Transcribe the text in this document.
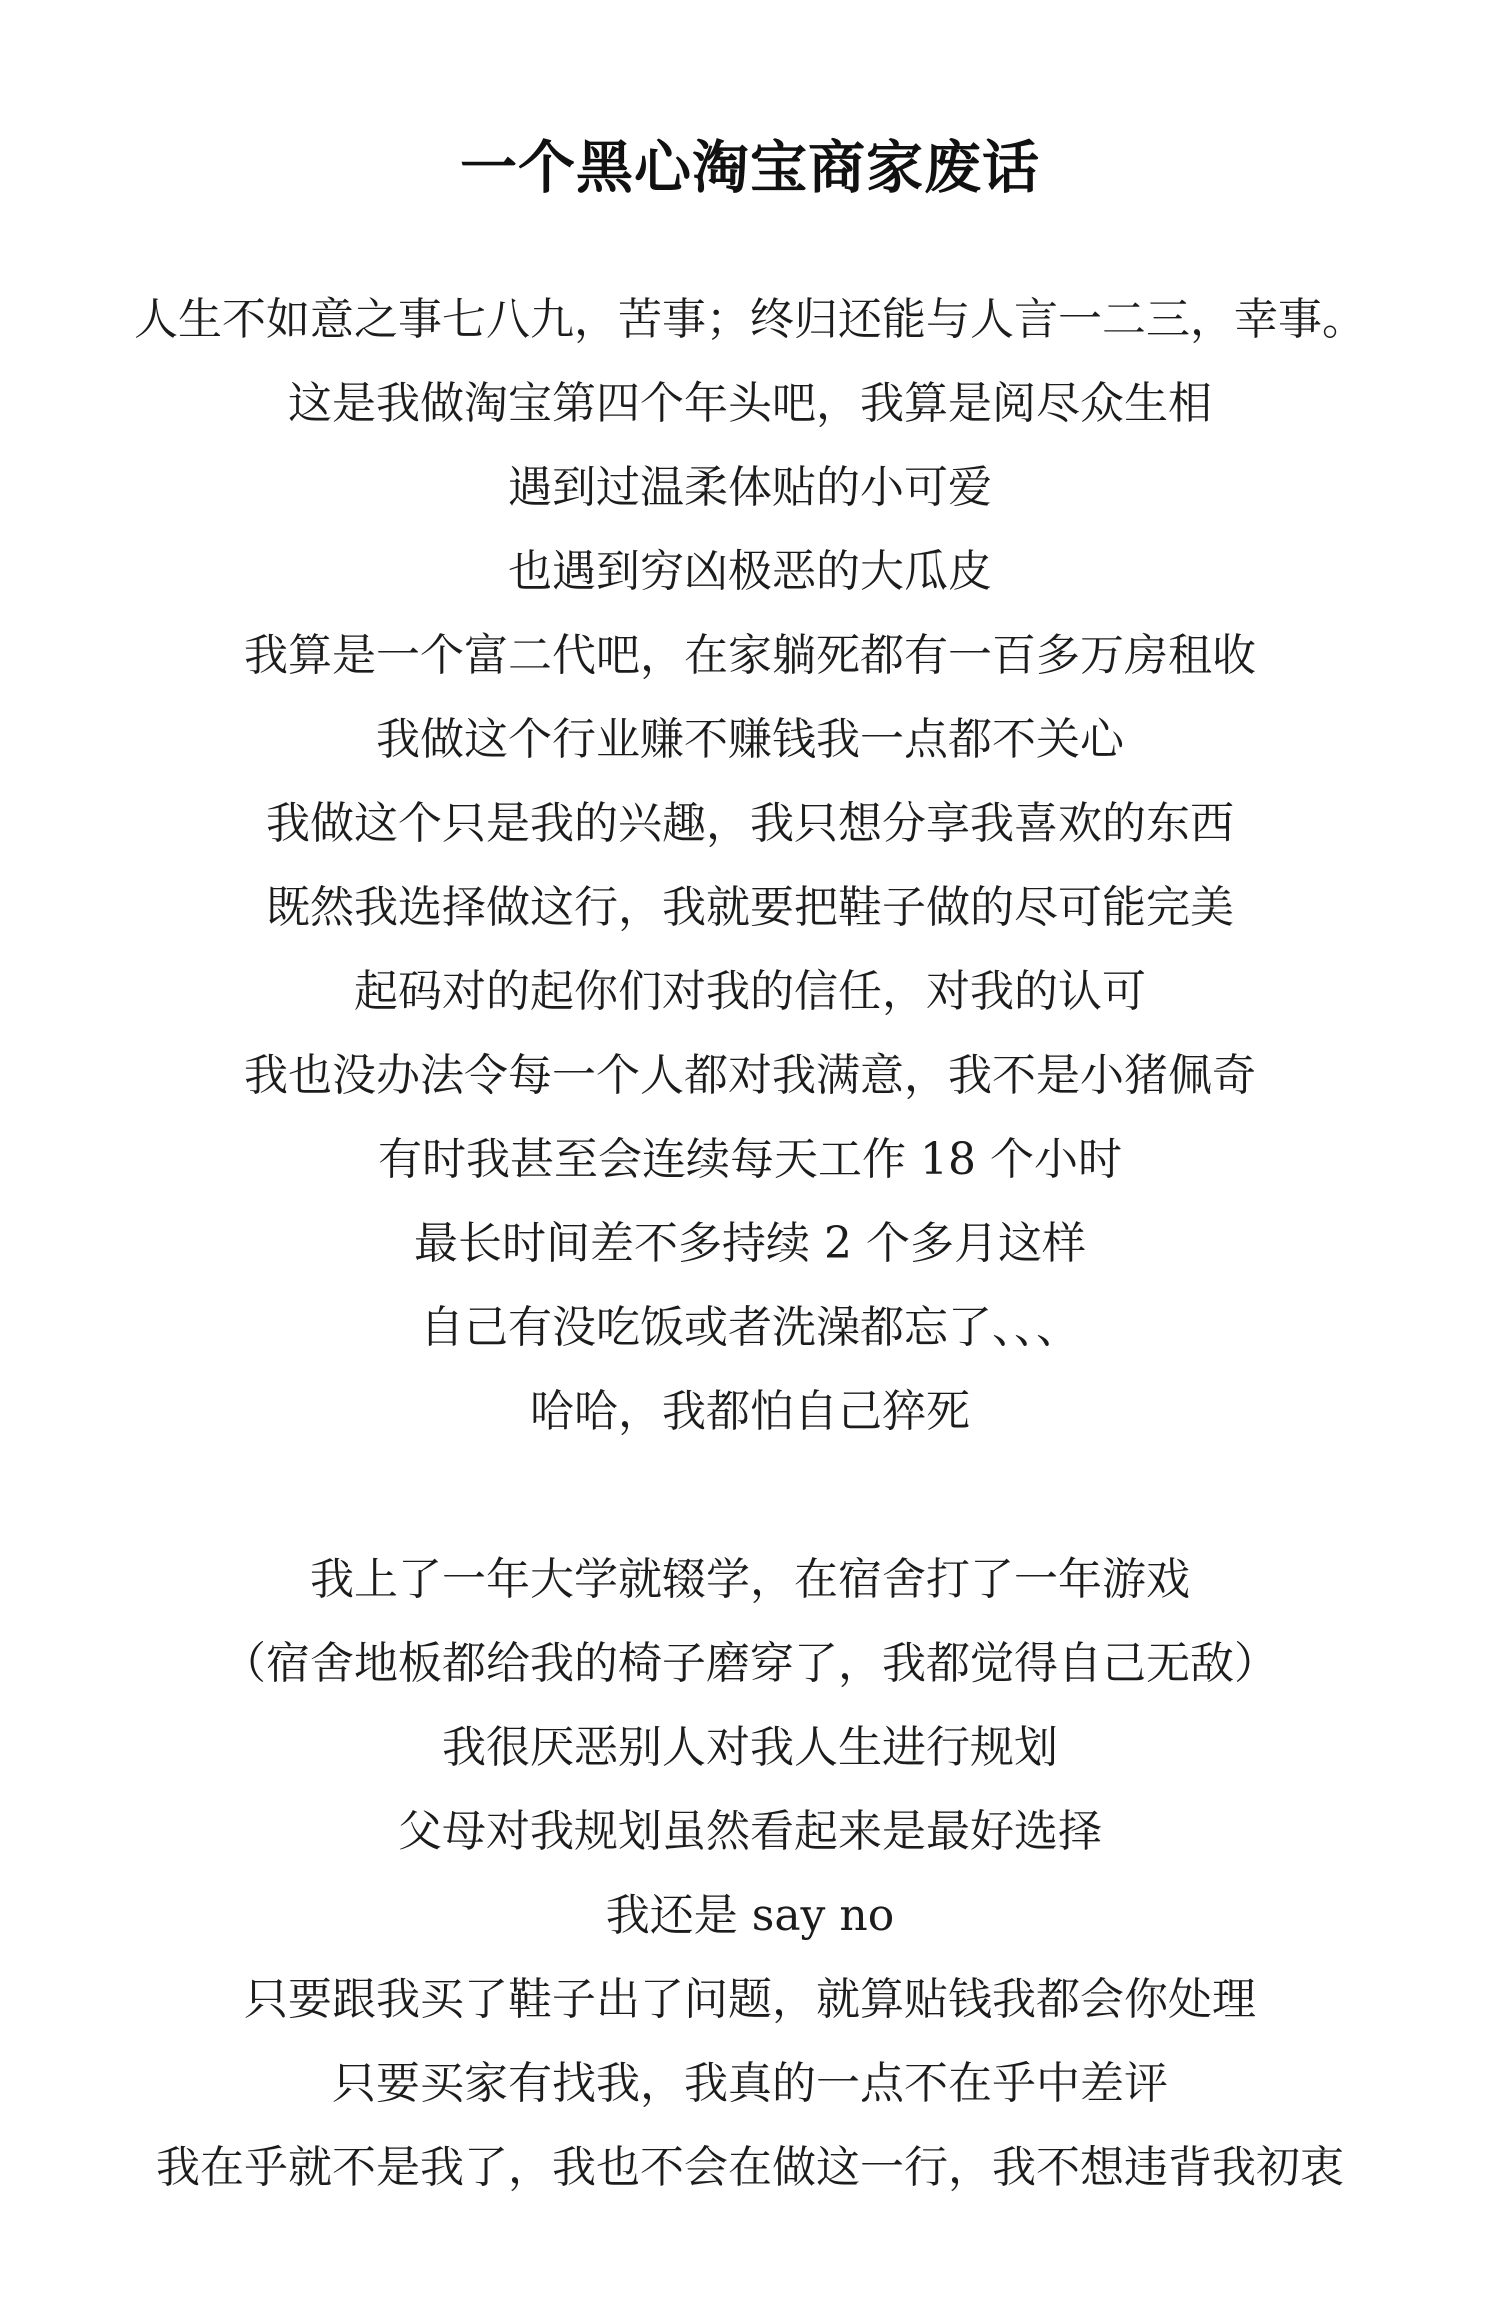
一个黑心淘宝商家废话
人生不如意之事七八九，苦事；终归还能与人言一二三，幸事。
这是我做淘宝第四个年头吧，我算是阅尽众生相
遇到过温柔体贴的小可爱
也遇到穷凶极恶的大瓜皮
我算是一个富二代吧，在家躺死都有一百多万房租收
我做这个行业赚不赚钱我一点都不关心
我做这个只是我的兴趣，我只想分享我喜欢的东西
既然我选择做这行，我就要把鞋子做的尽可能完美
起码对的起你们对我的信任，对我的认可
我也没办法令每一个人都对我满意，我不是小猪佩奇
有时我甚至会连续每天工作 18 个小时
最长时间差不多持续 2 个多月这样
自己有没吃饭或者洗澡都忘了、、、
哈哈，我都怕自己猝死
我上了一年大学就辍学，在宿舍打了一年游戏
（宿舍地板都给我的椅子磨穿了，我都觉得自己无敌）
我很厌恶别人对我人生进行规划
父母对我规划虽然看起来是最好选择
我还是 say no
只要跟我买了鞋子出了问题，就算贴钱我都会你处理
只要买家有找我，我真的一点不在乎中差评
我在乎就不是我了，我也不会在做这一行，我不想违背我初衷
